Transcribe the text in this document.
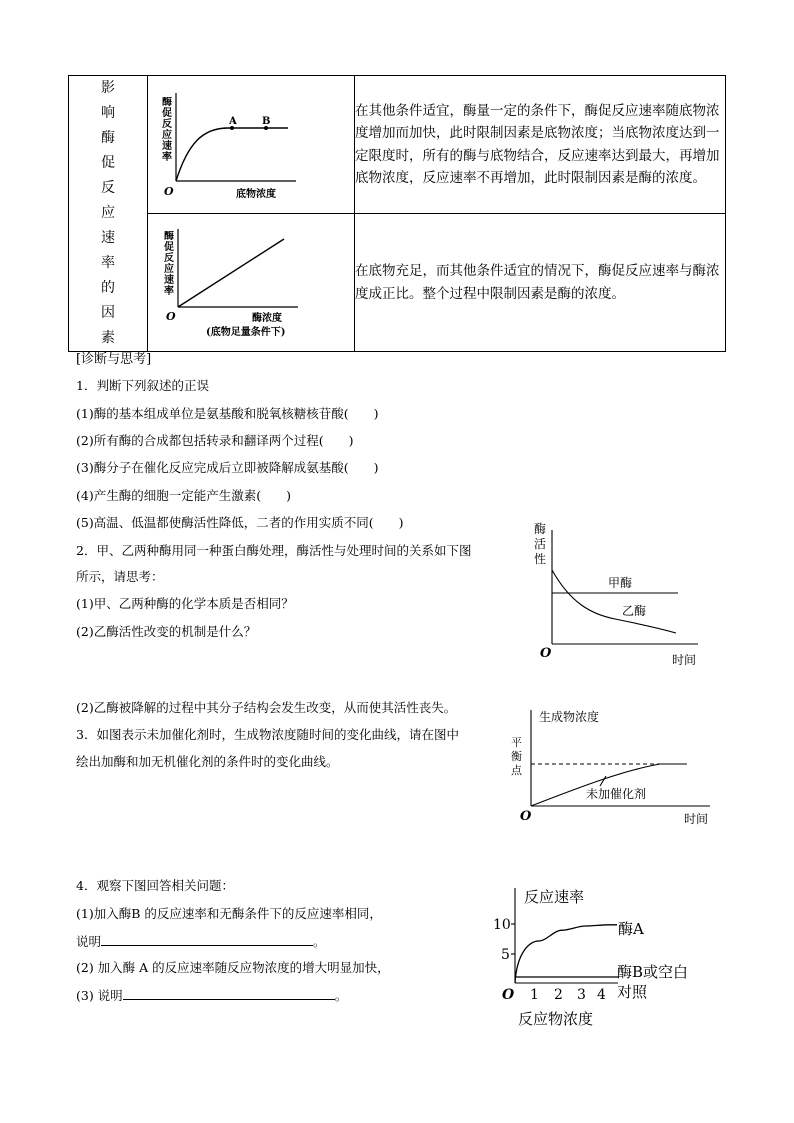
影响酶促反应速率的因素	A B
O 底物浓度
酶促反应速率	在其他条件适宜，酶量一定的条件下，酶促反应速率随底物浓度增加而加快，此时限制因素是底物浓度；当底物浓度达到一定限度时，所有的酶与底物结合，反应速率达到最大，再增加底物浓度，反应速率不再增加，此时限制因素是酶的浓度。

O 酶浓度
(底物足量条件下)
酶促反应速率	在底物充足，而其他条件适宜的情况下，酶促反应速率与酶浓度成正比。整个过程中限制因素是酶的浓度。
[诊断与思考]
1．判断下列叙述的正误
(1)酶的基本组成单位是氨基酸和脱氧核糖核苷酸(　　)
(2)所有酶的合成都包括转录和翻译两个过程(　　)
(3)酶分子在催化反应完成后立即被降解成氨基酸(　　)
(4)产生酶的细胞一定能产生激素(　　)
(5)高温、低温都使酶活性降低，二者的作用实质不同(　　)
2．甲、乙两种酶用同一种蛋白酶处理，酶活性与处理时间的关系如下图
所示，请思考：
(1)甲、乙两种酶的化学本质是否相同？
(2)乙酶活性改变的机制是什么？
酶活性
甲酶
乙酶
O	时间
(2)乙酶被降解的过程中其分子结构会发生改变，从而使其活性丧失。
3．如图表示未加催化剂时，生成物浓度随时间的变化曲线，请在图中
绘出加酶和加无机催化剂的条件时的变化曲线。
生成物浓度
平衡点
未加催化剂
O	时间
4．观察下图回答相关问题：
(1)加入酶B 的反应速率和无酶条件下的反应速率相同，
说明	。
(2) 加入酶 A 的反应速率随反应物浓度的增大明显加快，
(3) 说明	。
反应速率
10
5
O 1 2 3 4
酶A
酶B或空白对照
反应物浓度
